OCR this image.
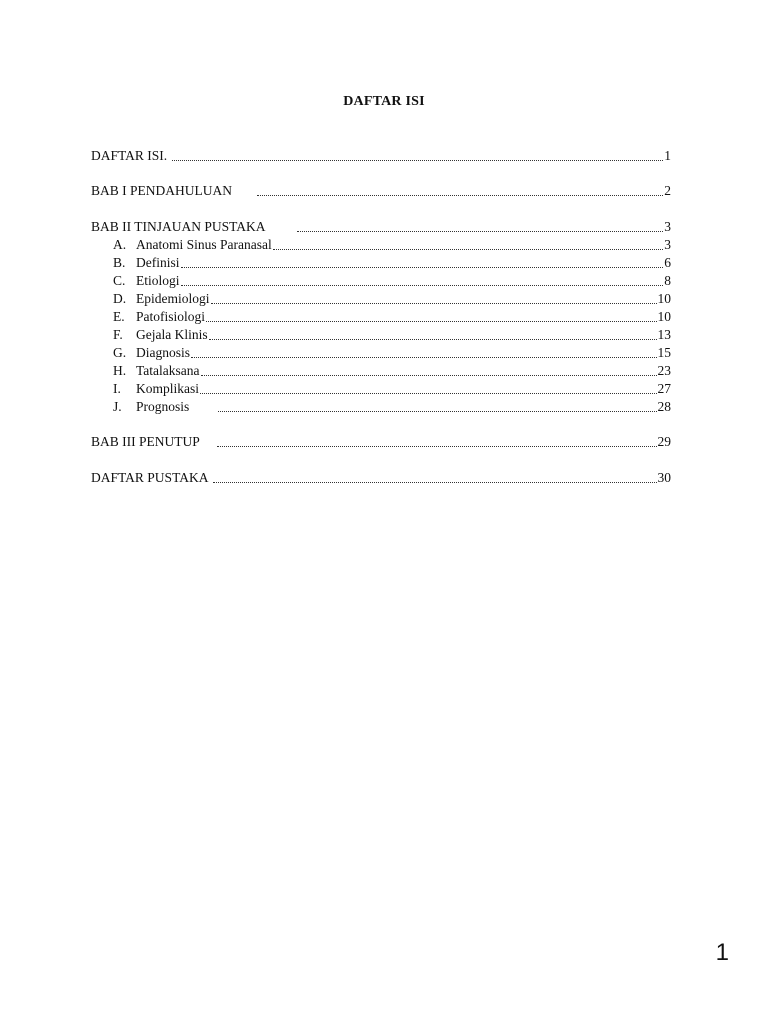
DAFTAR ISI
DAFTAR ISI.	1
BAB I PENDAHULUAN	2
BAB II TINJAUAN PUSTAKA	3
A. Anatomi Sinus Paranasal	3
B. Definisi	6
C. Etiologi	8
D. Epidemiologi	10
E. Patofisiologi	10
F. Gejala Klinis	13
G. Diagnosis	15
H. Tatalaksana	23
I.	Komplikasi	27
J.	Prognosis	28
BAB III PENUTUP	29
DAFTAR PUSTAKA	30
1
